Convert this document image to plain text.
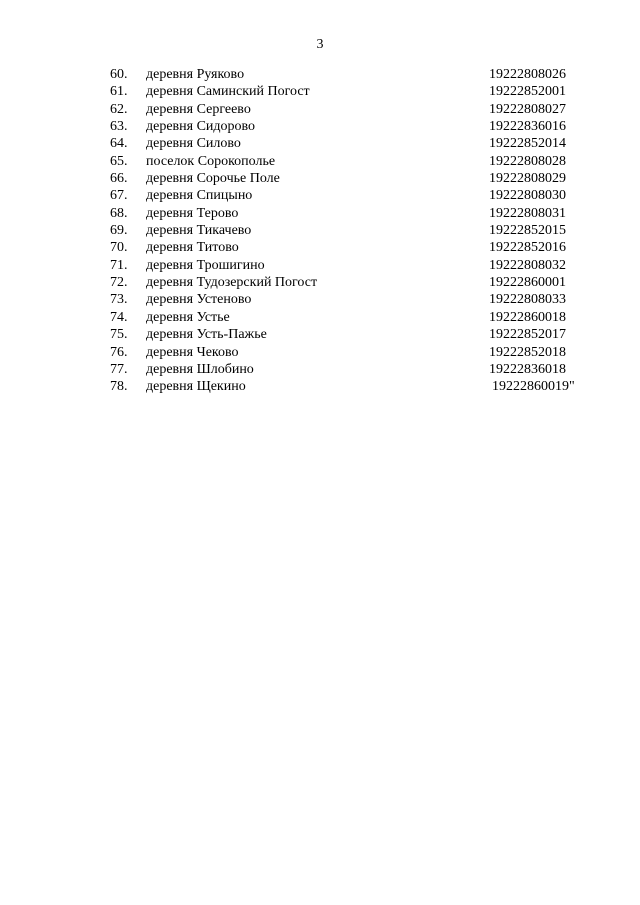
3
60. деревня Руяково	19222808026
61. деревня Саминский Погост	19222852001
62. деревня Сергеево	19222808027
63. деревня Сидорово	19222836016
64. деревня Силово	19222852014
65. поселок Сорокополье	19222808028
66. деревня Сорочье Поле	19222808029
67. деревня Спицыно	19222808030
68. деревня Терово	19222808031
69. деревня Тикачево	19222852015
70. деревня Титово	19222852016
71. деревня Трошигино	19222808032
72. деревня Тудозерский Погост	19222860001
73. деревня Устеново	19222808033
74. деревня Устье	19222860018
75. деревня Усть-Пажье	19222852017
76. деревня Чеково	19222852018
77. деревня Шлобино	19222836018
78. деревня Щекино	19222860019"
